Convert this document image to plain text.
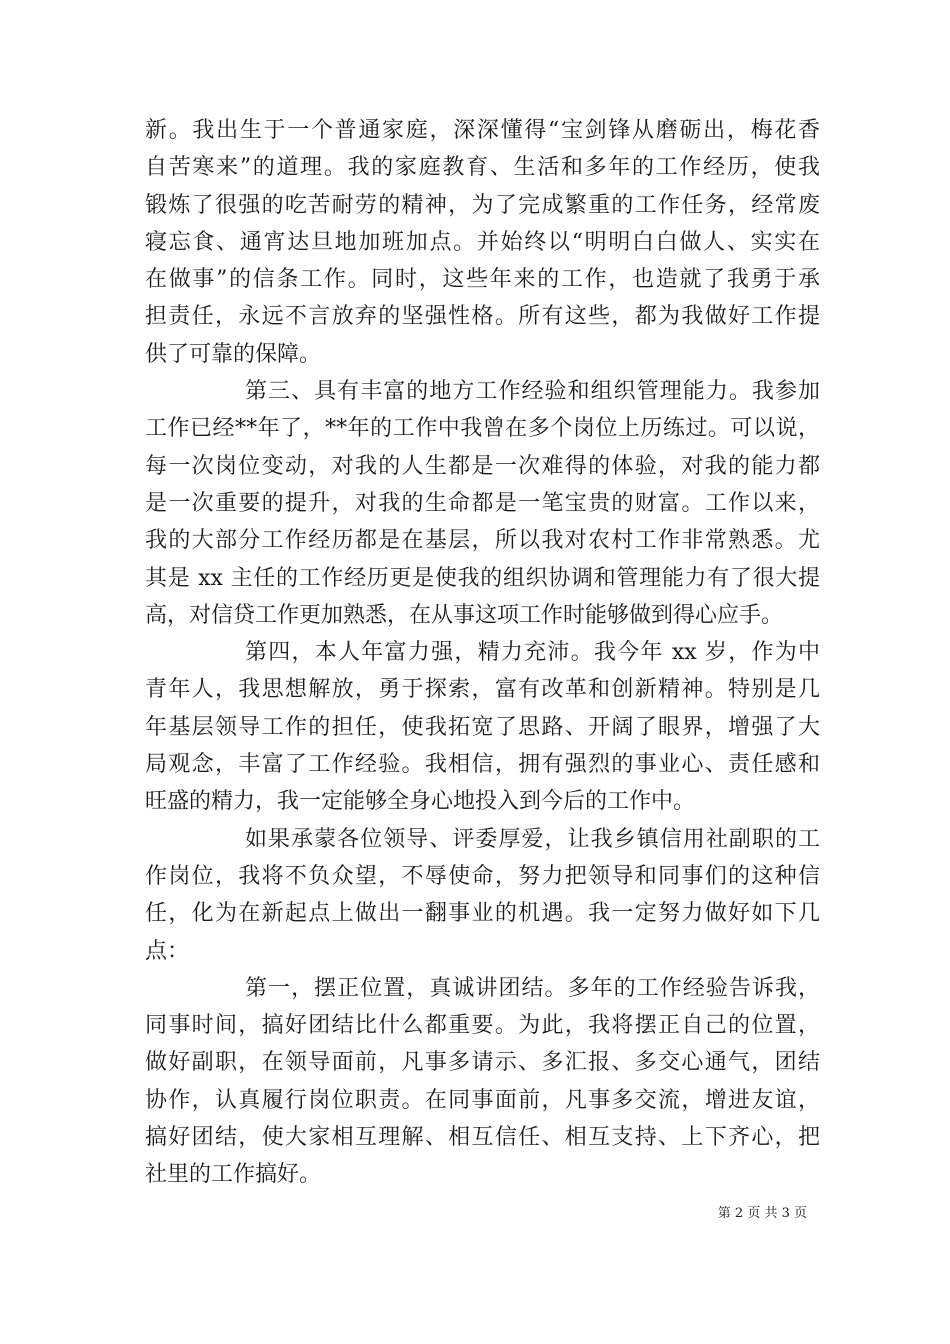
新。我出生于一个普通家庭，深深懂得“宝剑锋从磨砺出，梅花香
自苦寒来”的道理。我的家庭教育、生活和多年的工作经历，使我
锻炼了很强的吃苦耐劳的精神，为了完成繁重的工作任务，经常废
寝忘食、通宵达旦地加班加点。并始终以“明明白白做人、实实在
在做事”的信条工作。同时，这些年来的工作，也造就了我勇于承
担责任，永远不言放弃的坚强性格。所有这些，都为我做好工作提
供了可靠的保障。
第三、具有丰富的地方工作经验和组织管理能力。我参加
工作已经**年了，**年的工作中我曾在多个岗位上历练过。可以说，
每一次岗位变动，对我的人生都是一次难得的体验，对我的能力都
是一次重要的提升，对我的生命都是一笔宝贵的财富。工作以来，
我的大部分工作经历都是在基层，所以我对农村工作非常熟悉。尤
其是 xx 主任的工作经历更是使我的组织协调和管理能力有了很大提
高，对信贷工作更加熟悉，在从事这项工作时能够做到得心应手。
第四，本人年富力强，精力充沛。我今年 xx 岁，作为中
青年人，我思想解放，勇于探索，富有改革和创新精神。特别是几
年基层领导工作的担任，使我拓宽了思路、开阔了眼界，增强了大
局观念，丰富了工作经验。我相信，拥有强烈的事业心、责任感和
旺盛的精力，我一定能够全身心地投入到今后的工作中。
如果承蒙各位领导、评委厚爱，让我乡镇信用社副职的工
作岗位，我将不负众望，不辱使命，努力把领导和同事们的这种信
任，化为在新起点上做出一翻事业的机遇。我一定努力做好如下几
点：
第一，摆正位置，真诚讲团结。多年的工作经验告诉我，
同事时间，搞好团结比什么都重要。为此，我将摆正自己的位置，
做好副职，在领导面前，凡事多请示、多汇报、多交心通气，团结
协作，认真履行岗位职责。在同事面前，凡事多交流，增进友谊，
搞好团结，使大家相互理解、相互信任、相互支持、上下齐心，把
社里的工作搞好。
第 2 页 共 3 页
